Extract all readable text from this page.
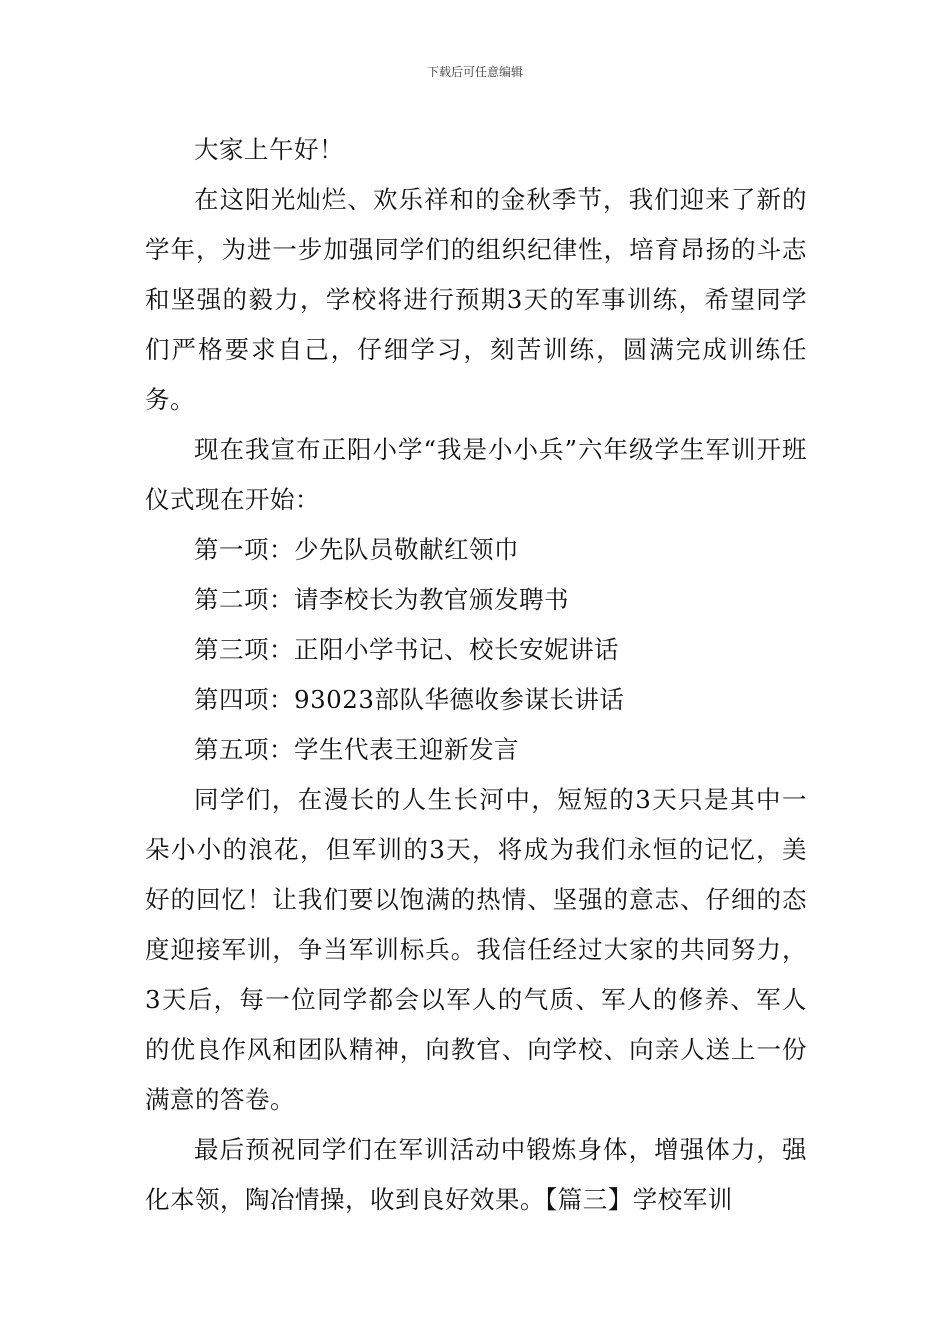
下载后可任意编辑

大家上午好！

在这阳光灿烂、欢乐祥和的金秋季节，我们迎来了新的学年，为进一步加强同学们的组织纪律性，培育昂扬的斗志和坚强的毅力，学校将进行预期3天的军事训练，希望同学们严格要求自己，仔细学习，刻苦训练，圆满完成训练任务。

现在我宣布正阳小学“我是小小兵”六年级学生军训开班仪式现在开始：

第一项：少先队员敬献红领巾

第二项：请李校长为教官颁发聘书

第三项：正阳小学书记、校长安妮讲话

第四项：93023部队华德收参谋长讲话

第五项：学生代表王迎新发言

同学们，在漫长的人生长河中，短短的3天只是其中一朵小小的浪花，但军训的3天，将成为我们永恒的记忆，美好的回忆！让我们要以饱满的热情、坚强的意志、仔细的态度迎接军训，争当军训标兵。我信任经过大家的共同努力，3天后，每一位同学都会以军人的气质、军人的修养、军人的优良作风和团队精神，向教官、向学校、向亲人送上一份满意的答卷。

最后预祝同学们在军训活动中锻炼身体，增强体力，强化本领，陶冶情操，收到良好效果。【篇三】学校军训
